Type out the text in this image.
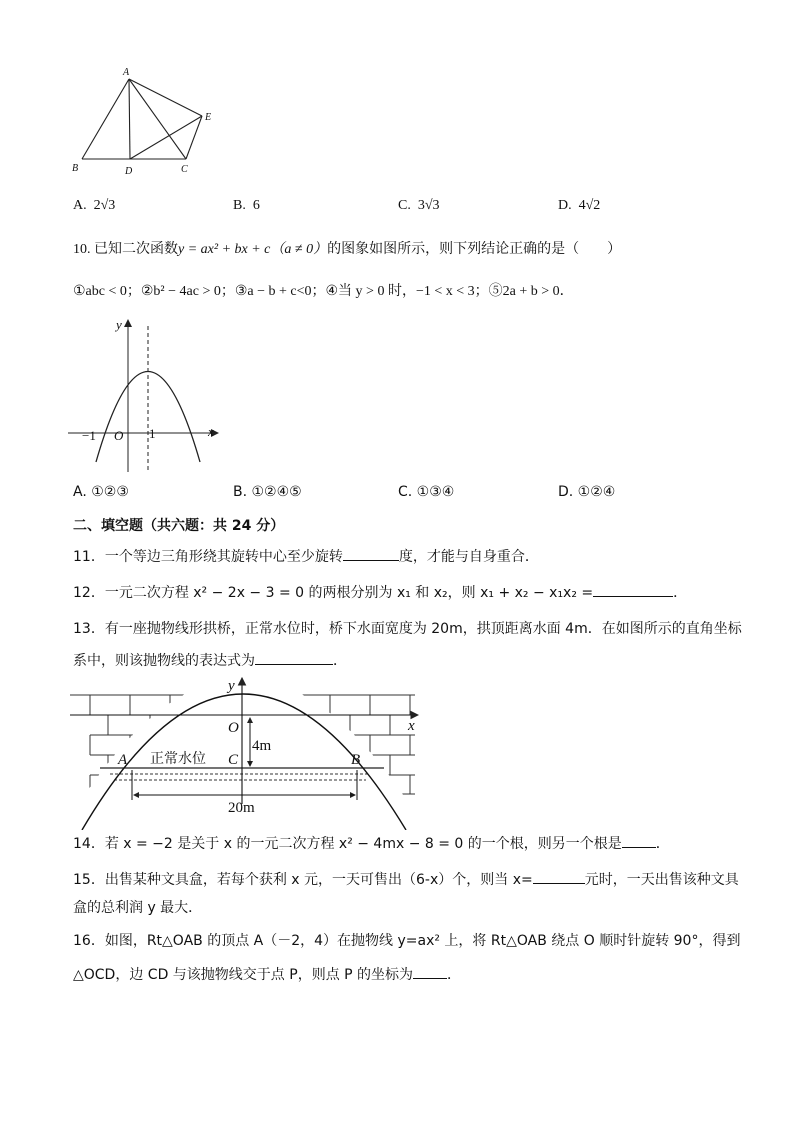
A
B	C
D
E
A. 2√3	B. 6	C. 3√3	D. 4√2
10. 已知二次函数y = ax² + bx + c（a ≠ 0）的图象如图所示，则下列结论正确的是（　　）
①abc < 0；②b² − 4ac > 0；③a − b + c<0；④当 y > 0 时，−1 < x < 3；⑤2a + b > 0．
y
x
O
−1	1
A. ①②③	B. ①②④⑤	C. ①③④	D. ①②④
二、填空题（共六题：共 24 分）
11．一个等边三角形绕其旋转中心至少旋转	度，才能与自身重合．
12．一元二次方程 x² − 2x − 3 = 0 的两根分别为 x₁ 和 x₂，则 x₁ + x₂ − x₁x₂ =	．
13．有一座抛物线形拱桥，正常水位时，桥下水面宽度为 20m，拱顶距离水面 4m．在如图所示的直角坐标
系中，则该抛物线的表达式为	．
y
x
O
C
A	B
4m
20m
正常水位
14．若 x = −2 是关于 x 的一元二次方程 x² − 4mx − 8 = 0 的一个根，则另一个根是 ．
15．出售某种文具盒，若每个获利 x 元，一天可售出（6-x）个，则当 x=	元时，一天出售该种文具
盒的总利润 y 最大．
16．如图，Rt△OAB 的顶点 A（－2，4）在抛物线 y=ax² 上，将 Rt△OAB 绕点 O 顺时针旋转 90°，得到
△OCD，边 CD 与该抛物线交于点 P，则点 P 的坐标为 ．
